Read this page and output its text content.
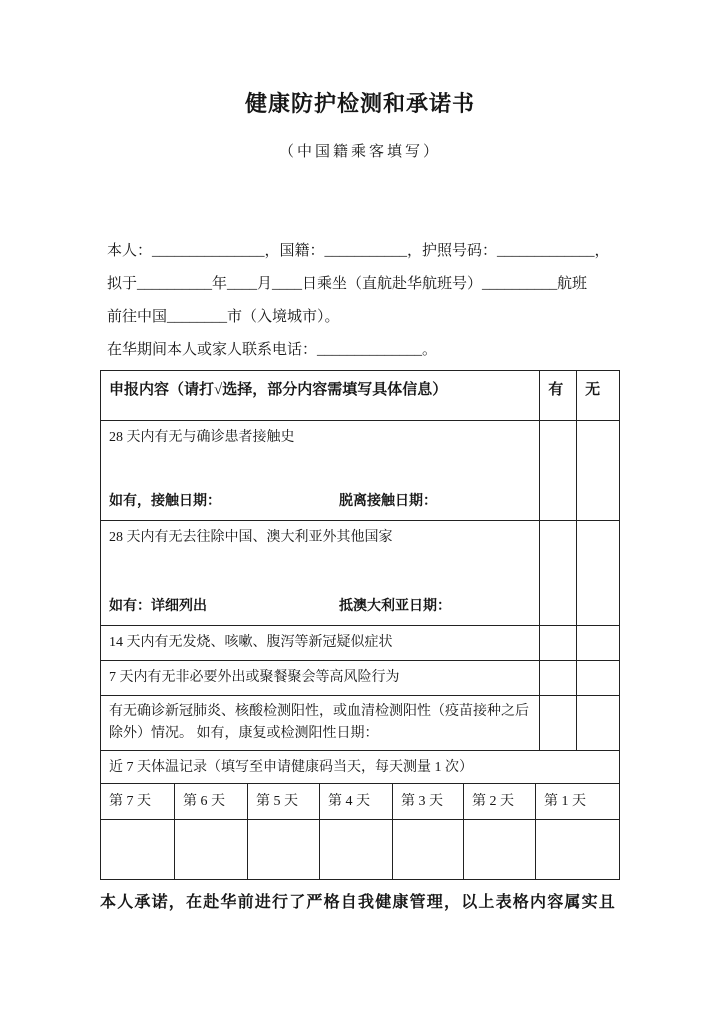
健康防护检测和承诺书
（中国籍乘客填写）
本人：_______________，国籍：___________，护照号码：_____________，
拟于__________年____月____日乘坐（直航赴华航班号）__________航班
前往中国________市（入境城市）。
在华期间本人或家人联系电话：______________。
申报内容（请打√选择，部分内容需填写具体信息）	有	无
28 天内有无与确诊患者接触史
如有，接触日期：	脱离接触日期：
28 天内有无去往除中国、澳大利亚外其他国家
如有：详细列出	抵澳大利亚日期：
14 天内有无发烧、咳嗽、腹泻等新冠疑似症状
7 天内有无非必要外出或聚餐聚会等高风险行为
有无确诊新冠肺炎、核酸检测阳性，或血清检测阳性（疫苗接种之后除外）情况。 如有，康复或检测阳性日期：
近 7 天体温记录（填写至申请健康码当天，每天测量 1 次）
第 7 天	第 6 天	第 5 天	第 4 天	第 3 天	第 2 天	第 1 天
本人承诺，在赴华前进行了严格自我健康管理，以上表格内容属实且
